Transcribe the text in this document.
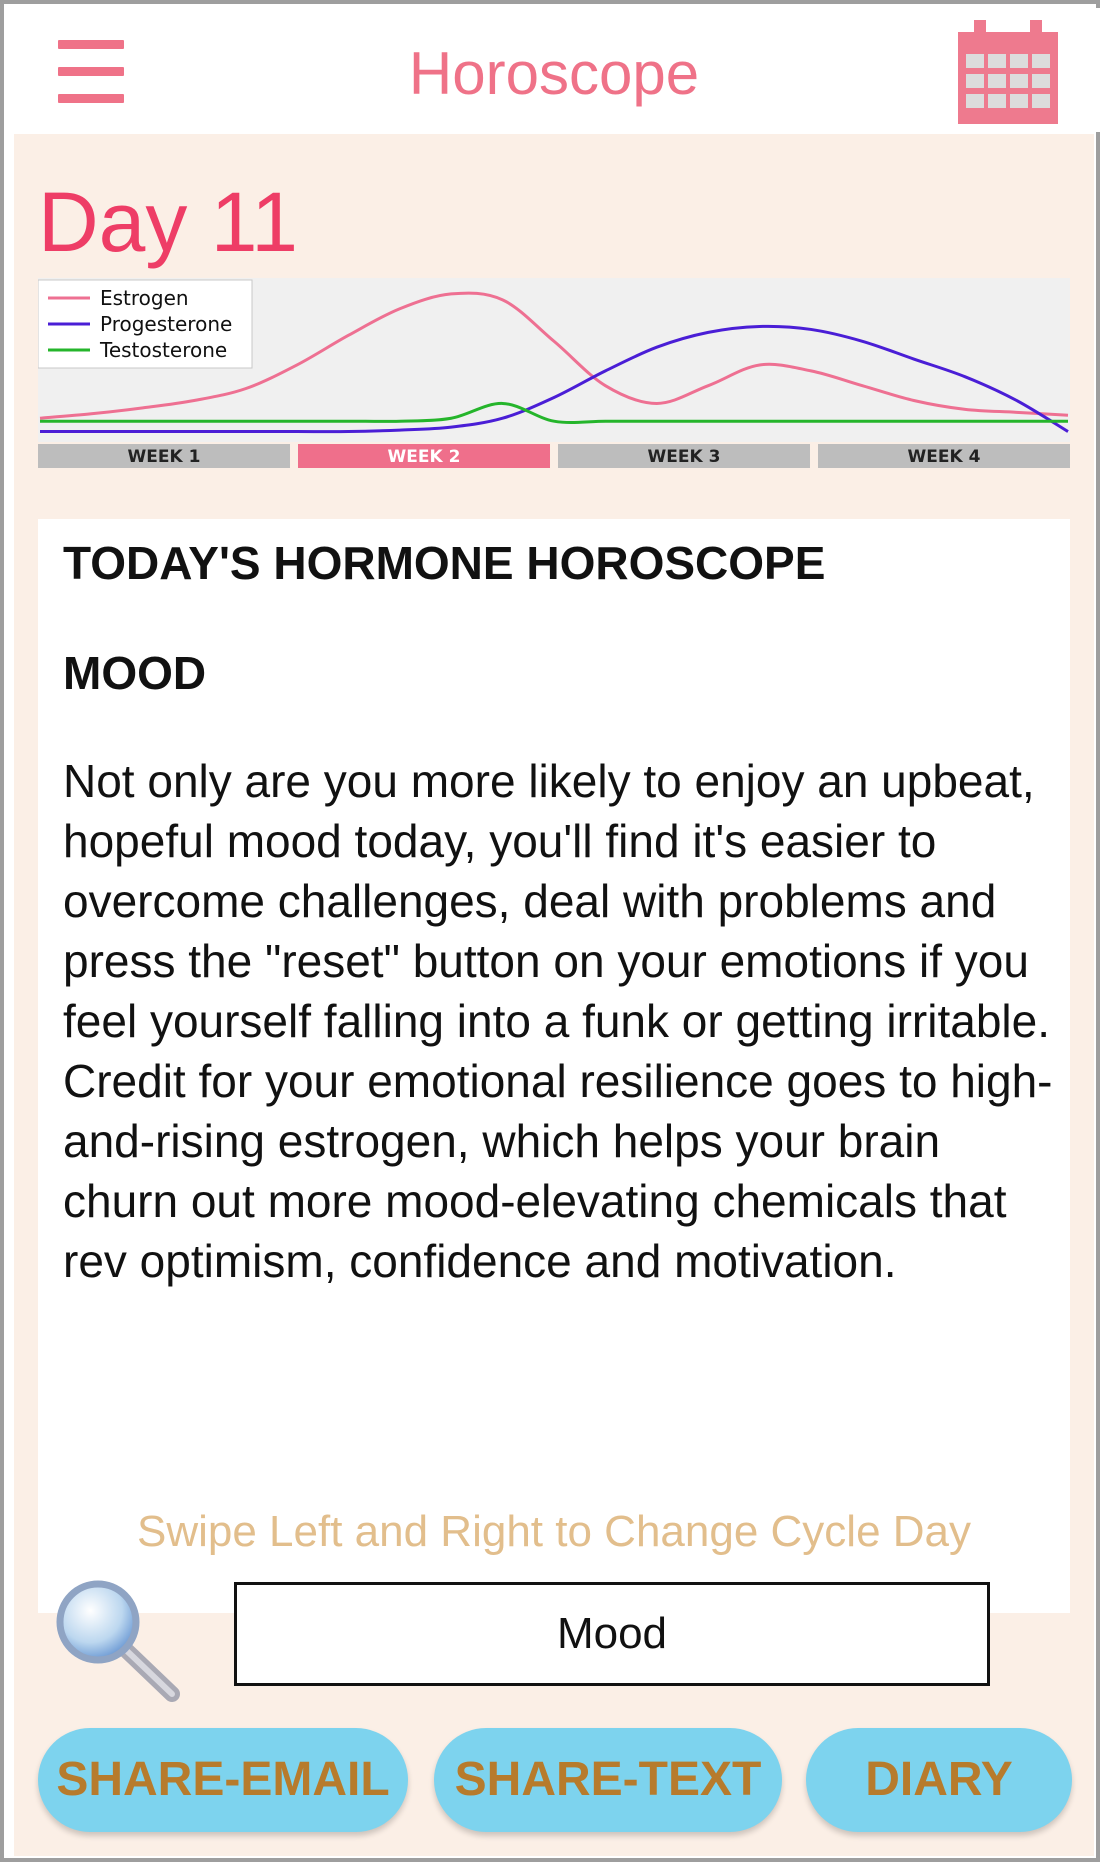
Horoscope
Day 11
Estrogen
Progesterone
Testosterone
WEEK 1	WEEK 2	WEEK 3	WEEK 4
TODAY'S HORMONE HOROSCOPE
MOOD

Not only are you more likely to enjoy an upbeat, hopeful mood today, you'll find it's easier to overcome challenges, deal with problems and press the "reset" button on your emotions if you feel yourself falling into a funk or getting irritable. Credit for your emotional resilience goes to high-and-rising estrogen, which helps your brain churn out more mood-elevating chemicals that rev optimism, confidence and motivation.

Swipe Left and Right to Change Cycle Day
Mood
SHARE-EMAIL	SHARE-TEXT	DIARY
